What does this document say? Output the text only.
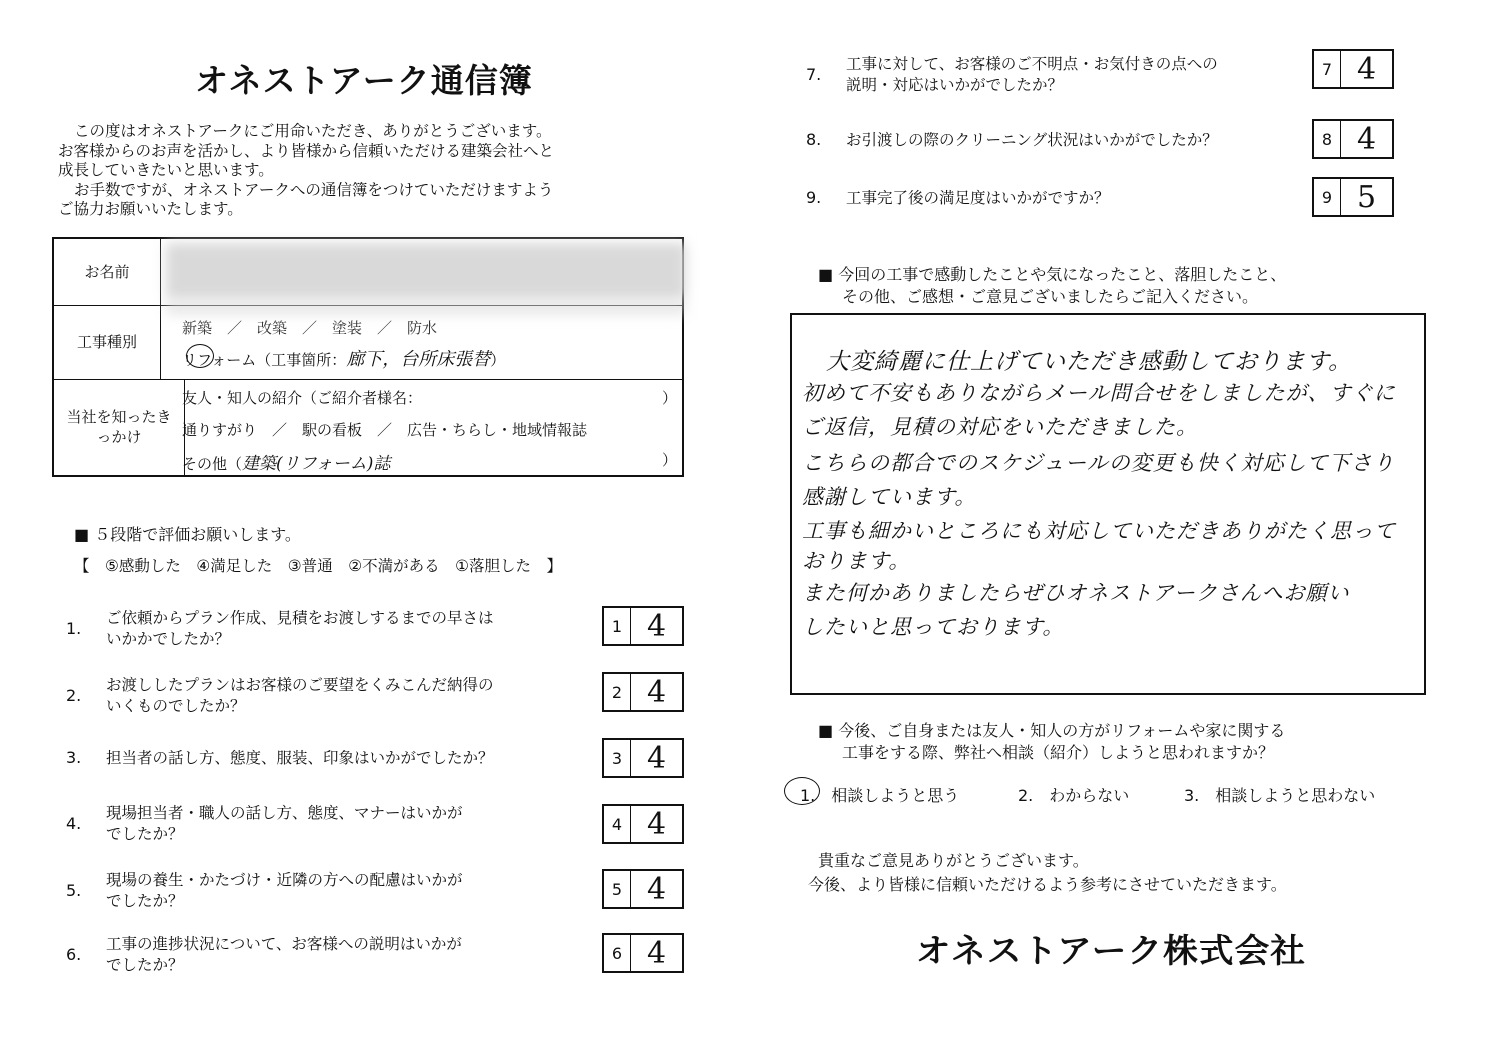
オネストアーク通信簿
この度はオネストアークにご用命いただき、ありがとうございます。
お客様からのお声を活かし、より皆様から信頼いただける建築会社へと
成長していきたいと思います。
お手数ですが、オネストアークへの通信簿をつけていただけますよう
ご協力お願いいたします。
お名前
工事種別
新築　／　改築　／　塗装　／　防水
リフォーム（工事箇所：廊下，台所床張替）
当社を知ったきっかけ
友人・知人の紹介（ご紹介者様名：	）
通りすがり　／　駅の看板　／　広告・ちらし・地域情報誌
その他（建築(リフォーム)誌	）
■ ５段階で評価お願いします。
【　⑤感動した　④満足した　③普通　②不満がある　①落胆した　】
1.
ご依頼からプラン作成、見積をお渡しするまでの早さは
いかかでしたか？
1 4
2.
お渡ししたプランはお客様のご要望をくみこんだ納得の
いくものでしたか？
2 4
3. 担当者の話し方、態度、服装、印象はいかがでしたか？	3 4
4.
現場担当者・職人の話し方、態度、マナーはいかが
でしたか？
4 4
5.
現場の養生・かたづけ・近隣の方への配慮はいかが
でしたか？
5 4
6.
工事の進捗状況について、お客様への説明はいかが
でしたか？
6 4
7.
工事に対して、お客様のご不明点・お気付きの点への
説明・対応はいかがでしたか？
7 4
8. お引渡しの際のクリーニング状況はいかがでしたか？	8 4
9. 工事完了後の満足度はいかがですか？	9 5
■ 今回の工事で感動したことや気になったこと、落胆したこと、
その他、ご感想・ご意見ございましたらご記入ください。
大変綺麗に仕上げていただき感動しております。
初めて不安もありながらメール問合せをしましたが、すぐに
ご返信，見積の対応をいただきました。
こちらの都合でのスケジュールの変更も快く対応して下さり
感謝しています。
工事も細かいところにも対応していただきありがたく思って
おります。
また何かありましたらぜひオネストアークさんへお願い
したいと思っております。
■ 今後、ご自身または友人・知人の方がリフォームや家に関する
工事をする際、弊社へ相談（紹介）しようと思われますか？
1.　相談しようと思う	2.　わからない	3.　相談しようと思わない
貴重なご意見ありがとうございます。
今後、より皆様に信頼いただけるよう参考にさせていただきます。
オネストアーク株式会社
